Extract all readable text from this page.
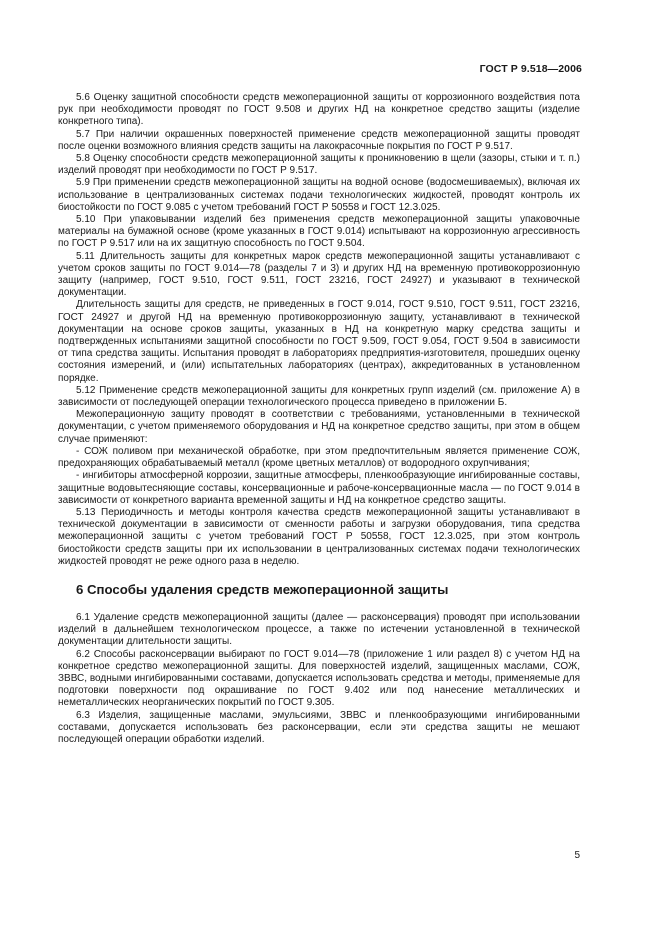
ГОСТ Р 9.518—2006

5.6 Оценку защитной способности средств межоперационной защиты от коррозионного воздействия пота рук при необходимости проводят по ГОСТ 9.508 и других НД на конкретное средство защиты (изделие конкретного типа).

5.7 При наличии окрашенных поверхностей применение средств межоперационной защиты проводят после оценки возможного влияния средств защиты на лакокрасочные покрытия по ГОСТ Р 9.517.

5.8 Оценку способности средств межоперационной защиты к проникновению в щели (зазоры, стыки и т. п.) изделий проводят при необходимости по ГОСТ Р 9.517.

5.9 При применении средств межоперационной защиты на водной основе (водосмешиваемых), включая их использование в централизованных системах подачи технологических жидкостей, проводят контроль их биостойкости по ГОСТ 9.085 с учетом требований ГОСТ Р 50558 и ГОСТ 12.3.025.

5.10 При упаковывании изделий без применения средств межоперационной защиты упаковочные материалы на бумажной основе (кроме указанных в ГОСТ 9.014) испытывают на коррозионную агрессивность по ГОСТ Р 9.517 или на их защитную способность по ГОСТ 9.504.

5.11 Длительность защиты для конкретных марок средств межоперационной защиты устанавливают с учетом сроков защиты по ГОСТ 9.014—78 (разделы 7 и 3) и других НД на временную противокоррозионную защиту (например, ГОСТ 9.510, ГОСТ 9.511, ГОСТ 23216, ГОСТ 24927) и указывают в технической документации.

Длительность защиты для средств, не приведенных в ГОСТ 9.014, ГОСТ 9.510, ГОСТ 9.511, ГОСТ 23216, ГОСТ 24927 и другой НД на временную противокоррозионную защиту, устанавливают в технической документации на основе сроков защиты, указанных в НД на конкретную марку средства защиты и подтвержденных испытаниями защитной способности по ГОСТ 9.509, ГОСТ 9.054, ГОСТ 9.504 в зависимости от типа средства защиты. Испытания проводят в лабораториях предприятия-изготовителя, прошедших оценку состояния измерений, и (или) испытательных лабораториях (центрах), аккредитованных в установленном порядке.

5.12 Применение средств межоперационной защиты для конкретных групп изделий (см. приложение А) в зависимости от последующей операции технологического процесса приведено в приложении Б.

Межоперационную защиту проводят в соответствии с требованиями, установленными в технической документации, с учетом применяемого оборудования и НД на конкретное средство защиты, при этом в общем случае применяют:

- СОЖ поливом при механической обработке, при этом предпочтительным является применение СОЖ, предохраняющих обрабатываемый металл (кроме цветных металлов) от водородного охрупчивания;

- ингибиторы атмосферной коррозии, защитные атмосферы, пленкообразующие ингибированные составы, защитные водовытесняющие составы, консервационные и рабоче-консервационные масла — по ГОСТ 9.014 в зависимости от конкретного варианта временной защиты и НД на конкретное средство защиты.

5.13 Периодичность и методы контроля качества средств межоперационной защиты устанавливают в технической документации в зависимости от сменности работы и загрузки оборудования, типа средства межоперационной защиты с учетом требований ГОСТ Р 50558, ГОСТ 12.3.025, при этом контроль биостойкости средств защиты при их использовании в централизованных системах подачи технологических жидкостей проводят не реже одного раза в неделю.

6 Способы удаления средств межоперационной защиты

6.1 Удаление средств межоперационной защиты (далее — расконсервация) проводят при использовании изделий в дальнейшем технологическом процессе, а также по истечении установленной в технической документации длительности защиты.

6.2 Способы расконсервации выбирают по ГОСТ 9.014—78 (приложение 1 или раздел 8) с учетом НД на конкретное средство межоперационной защиты. Для поверхностей изделий, защищенных маслами, СОЖ, ЗВВС, водными ингибированными составами, допускается использовать средства и методы, применяемые для подготовки поверхности под окрашивание по ГОСТ 9.402 или под нанесение металлических и неметаллических неорганических покрытий по ГОСТ 9.305.

6.3 Изделия, защищенные маслами, эмульсиями, ЗВВС и пленкообразующими ингибированными составами, допускается использовать без расконсервации, если эти средства защиты не мешают последующей операции обработки изделий.

5
